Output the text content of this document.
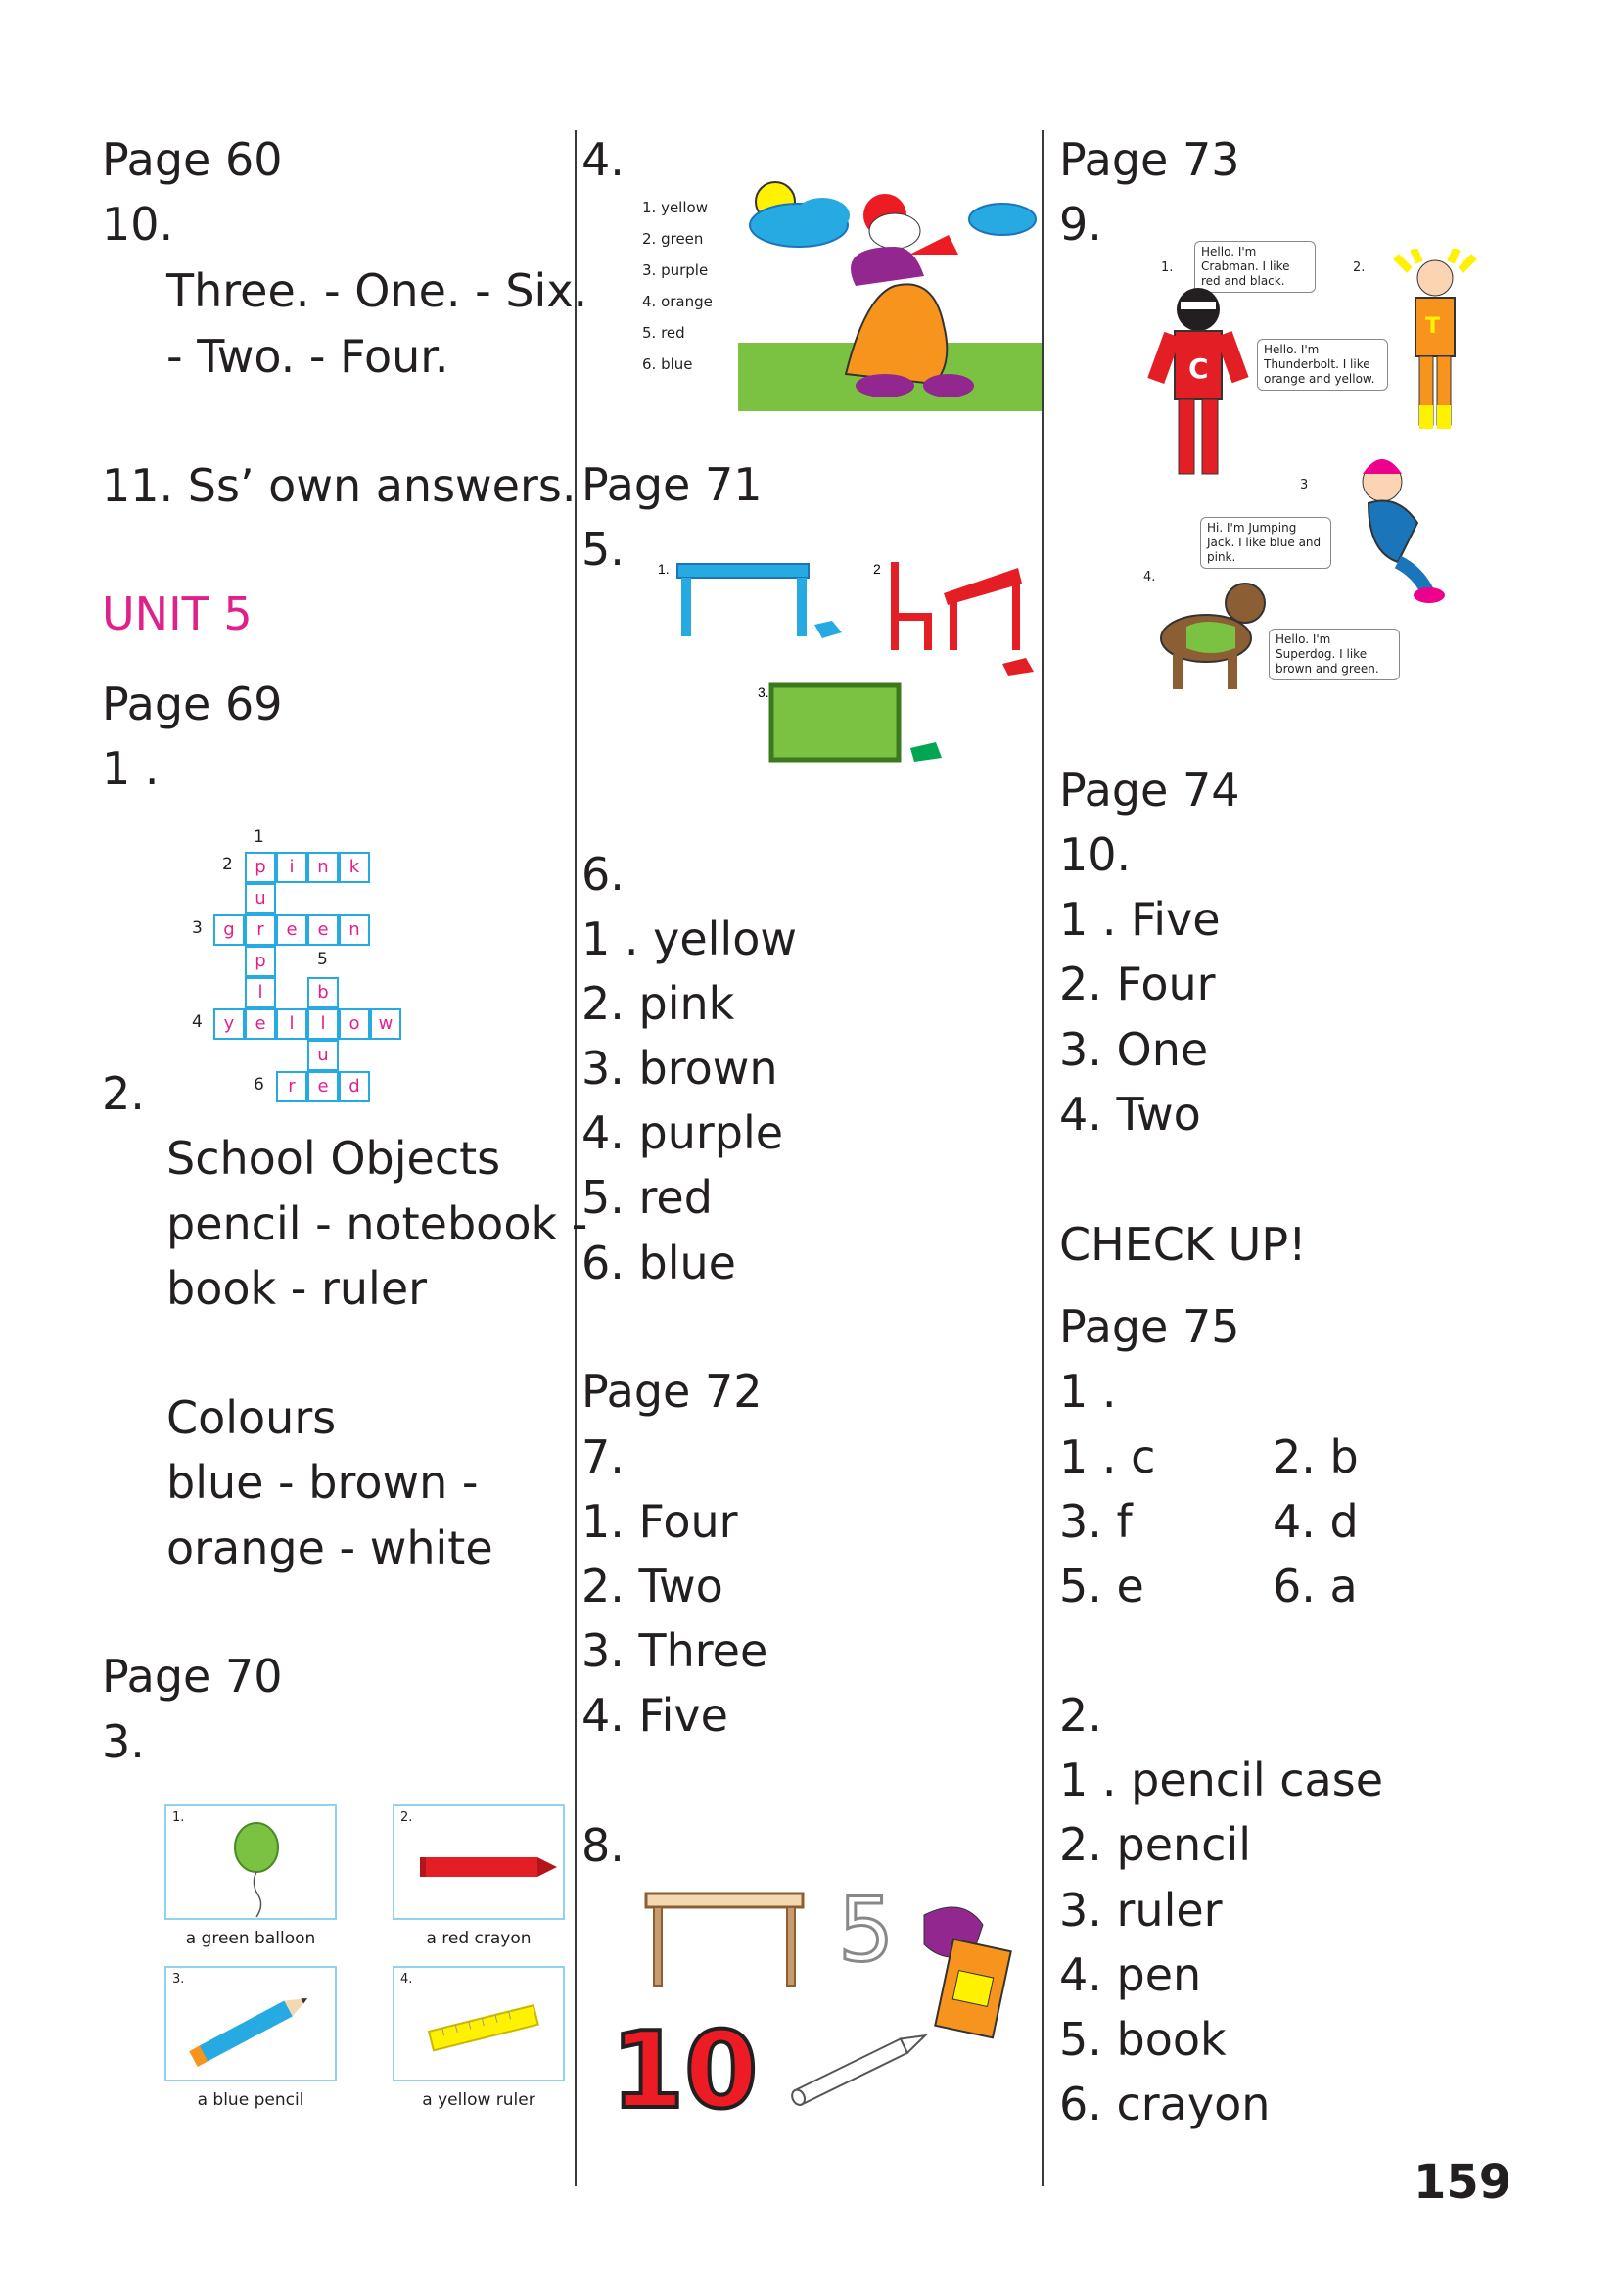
Page 60
10.
Three. - One. - Six.
- Two. - Four.
11. Ss’ own answers.
UNIT 5
Page 69
1 .
1
2	p	i	n	k
u
3	g	r	e	e	n
p	5
l	b
4	y	e	l	l	o	w
u
6	r	e	d
2.
School Objects
pencil - notebook -
book - ruler
Colours
blue - brown -
orange - white
Page 70
3.
1.
a green balloon
2.
a red crayon
3.
a blue pencil
4.
a yellow ruler
4.
1. yellow
2. green
3. purple
4. orange
5. red
6. blue
Page 71
5. 1.	2
3.
6.
1 . yellow
2. pink
3. brown
4. purple
5. red
6. blue
Page 72
7.
1. Four
2. Two
3. Three
4. Five
8.
5
10
Page 73
9.
1.
Hello. I'm Crabman. I like red and black.
C
2.
Hello. I'm Thunderbolt. I like orange and yellow.
T
3
Hi. I'm Jumping Jack. I like blue and pink.
4.
Hello. I'm Superdog. I like brown and green.
Page 74
10.
1 . Five
2. Four
3. One
4. Two
CHECK UP!
Page 75
1 .
1 . c	2. b
3. f	4. d
5. e	6. a
2.
1 . pencil case
2. pencil
3. ruler
4. pen
5. book
6. crayon
159
